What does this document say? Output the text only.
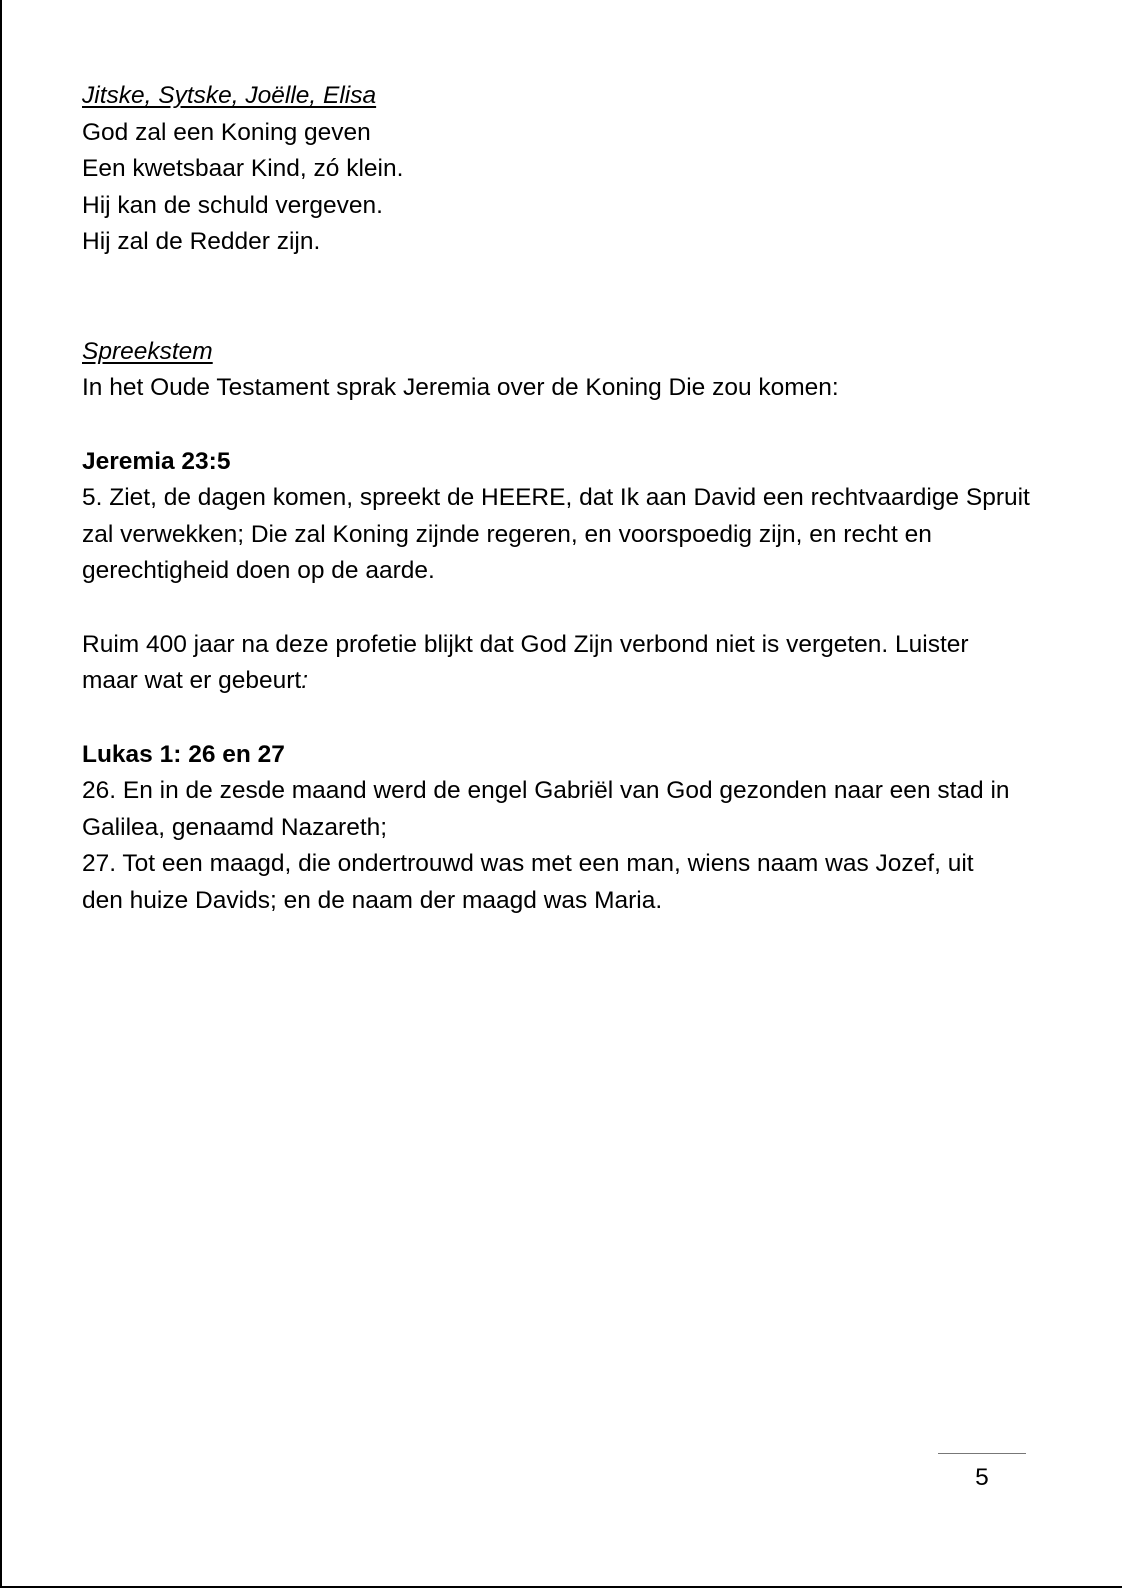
Jitske, Sytske, Joëlle, Elisa
God zal een Koning geven
Een kwetsbaar Kind, zó klein.
Hij kan de schuld vergeven.
Hij zal de Redder zijn.
Spreekstem
In het Oude Testament sprak Jeremia over de Koning Die zou komen:
Jeremia 23:5
5. Ziet, de dagen komen, spreekt de HEERE, dat Ik aan David een rechtvaardige Spruit
zal verwekken; Die zal Koning zijnde regeren, en voorspoedig zijn, en recht en
gerechtigheid doen op de aarde.
Ruim 400 jaar na deze profetie blijkt dat God Zijn verbond niet is vergeten. Luister
maar wat er gebeurt:
Lukas 1: 26 en 27
26. En in de zesde maand werd de engel Gabriël van God gezonden naar een stad in
Galilea, genaamd Nazareth;
27. Tot een maagd, die ondertrouwd was met een man, wiens naam was Jozef, uit
den huize Davids; en de naam der maagd was Maria.
5
